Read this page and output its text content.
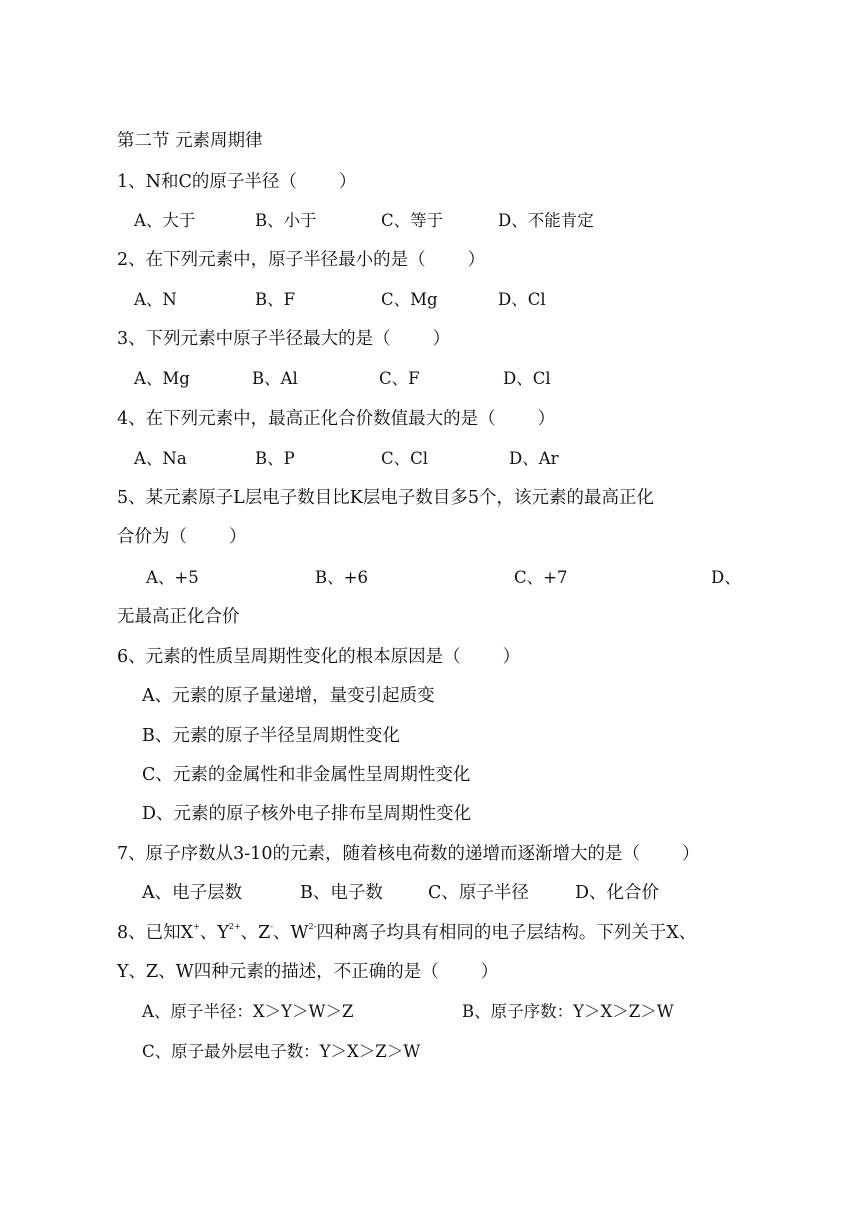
第二节 元素周期律
1、N和C的原子半径（ ）
A、大于	B、小于	C、等于	D、不能肯定
2、在下列元素中，原子半径最小的是（ ）
A、N	B、F	C、Mg	D、Cl
3、下列元素中原子半径最大的是（ ）
A、Mg	B、Al	C、F	D、Cl
4、在下列元素中，最高正化合价数值最大的是（ ）
A、Na	B、P	C、Cl	D、Ar
5、某元素原子L层电子数目比K层电子数目多5个，该元素的最高正化
合价为（ ）
A、+5	B、+6	C、+7	D、
无最高正化合价
6、元素的性质呈周期性变化的根本原因是（ ）
A、元素的原子量递增，量变引起质变
B、元素的原子半径呈周期性变化
C、元素的金属性和非金属性呈周期性变化
D、元素的原子核外电子排布呈周期性变化
7、原子序数从3-10的元素，随着核电荷数的递增而逐渐增大的是（ ）
A、电子层数	B、电子数	C、原子半径	D、化合价
8、已知X+、$Y^{2+}$、Z-、$W^{2-}$四种离子均具有相同的电子层结构。下列关于X、
Y、Z、W四种元素的描述，不正确的是（ ）
A、原子半径：X＞Y＞W＞Z	B、原子序数：Y＞X＞Z＞W
C、原子最外层电子数：Y＞X＞Z＞W
